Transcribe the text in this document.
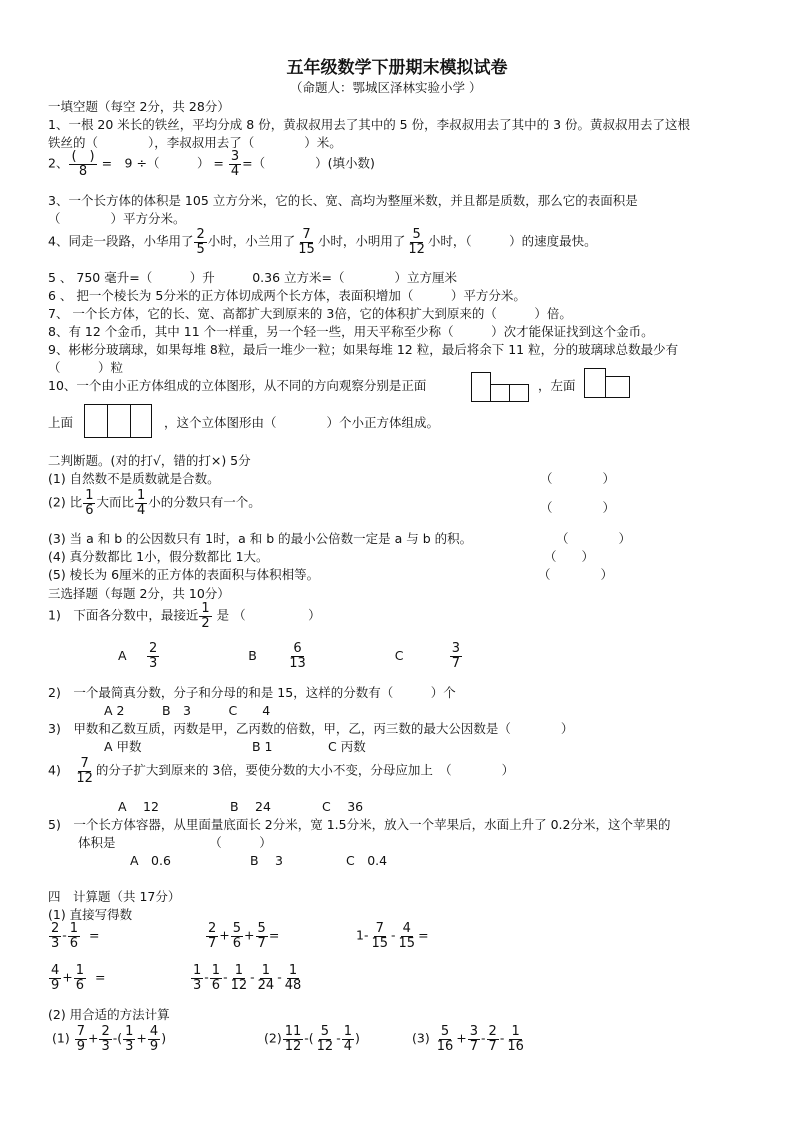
五年级数学下册期末模拟试卷
（命题人：鄂城区泽林实验小学 ）
一填空题（每空 2分，共 28分）
1、一根 20 米长的铁丝，平均分成 8 份，黄叔叔用去了其中的 5 份，李叔叔用去了其中的 3 份。黄叔叔用去了这根
铁丝的（　　　　），李叔叔用去了（　　　　）米。
2、 $\frac{( )}{8}$ =　9 ÷（　　　） = $\frac{3}{4}$ =（　　　　）(填小数)
3、一个长方体的体积是 105 立方分米，它的长、宽、高均为整厘米数，并且都是质数，那么它的表面积是
（　　　　）平方分米。
4、同走一段路，小华用了 $\frac{2}{5}$ 小时，小兰用了 $\frac{7}{15}$ 小时，小明用了 $\frac{5}{12}$ 小时，（　　　）的速度最快。
5 、 750 毫升=（　　　）升　　　0.36 立方米=（　　　　）立方厘米
6 、 把一个棱长为 5分米的正方体切成两个长方体，表面积增加（　　　）平方分米。
7、 一个长方体，它的长、宽、高都扩大到原来的 3倍，它的体积扩大到原来的（　　　）倍。
8、有 12 个金币，其中 11 个一样重，另一个轻一些，用天平称至少称（　　　）次才能保证找到这个金币。
9、彬彬分玻璃球，如果每堆 8粒，最后一堆少一粒；如果每堆 12 粒，最后将余下 11 粒，分的玻璃球总数最少有
（　　　）粒
10、一个由小正方体组成的立体图形，从不同的方向观察分别是正面	，左面
上面	，这个立体图形由（　　　　）个小正方体组成。
二判断题。(对的打√，错的打×) 5分
(1) 自然数不是质数就是合数。	（　　　　）
(2) 比 $\frac{1}{6}$ 大而比 $\frac{1}{4}$ 小的分数只有一个。	（　　　　）
(3) 当 a 和 b 的公因数只有 1时，a 和 b 的最小公倍数一定是 a 与 b 的积。	（　　　　）
(4) 真分数都比 1小，假分数都比 1大。	（　　）
(5) 棱长为 6厘米的正方体的表面积与体积相等。	（　　　　）
三选择题（每题 2分，共 10分）
1)　下面各分数中，最接近 $\frac{1}{2}$ 是 （　　　　　）
A $\frac{2}{3}$	B $\frac{6}{13}$	C	$\frac{3}{7}$
2)　一个最简真分数，分子和分母的和是 15，这样的分数有（　　　）个
A 2　　　B　3　　　C　　4
3)　甲数和乙数互质，丙数是甲，乙丙数的倍数，甲，乙，丙三数的最大公因数是（　　　　）
A 甲数	B 1	C 丙数
4)　 $\frac{7}{12}$ 的分子扩大到原来的 3倍，要使分数的大小不变，分母应加上　（　　　　）
A　 12	B　 24	C　 36
5)　一个长方体容器，从里面量底面长 2分米，宽 1.5分米，放入一个苹果后，水面上升了 0.2分米，这个苹果的
体积是　　　　　　　　（　　　）
A　0.6	B　 3	C　0.4
四　计算题（共 17分）
(1) 直接写得数
$\frac{2}{3} - \frac{1}{6}$ =	$\frac{2}{7} + \frac{5}{6} + \frac{5}{7}$ =	$1- \frac{7}{15} - \frac{4}{15}$ =
$\frac{4}{9} + \frac{1}{6}$ =	$\frac{1}{3} - \frac{1}{6} - \frac{1}{12} - \frac{1}{24} - \frac{1}{48}$
(2) 用合适的方法计算
$(1) \frac{7}{9} + \frac{2}{3}$ -( $\frac{1}{3} + \frac{4}{9}$ )	$(2) \frac{11}{12}$ -( $\frac{5}{12} - \frac{1}{4}$ )	$(3) \frac{5}{16} + \frac{3}{7} - \frac{2}{7} - \frac{1}{16}$
